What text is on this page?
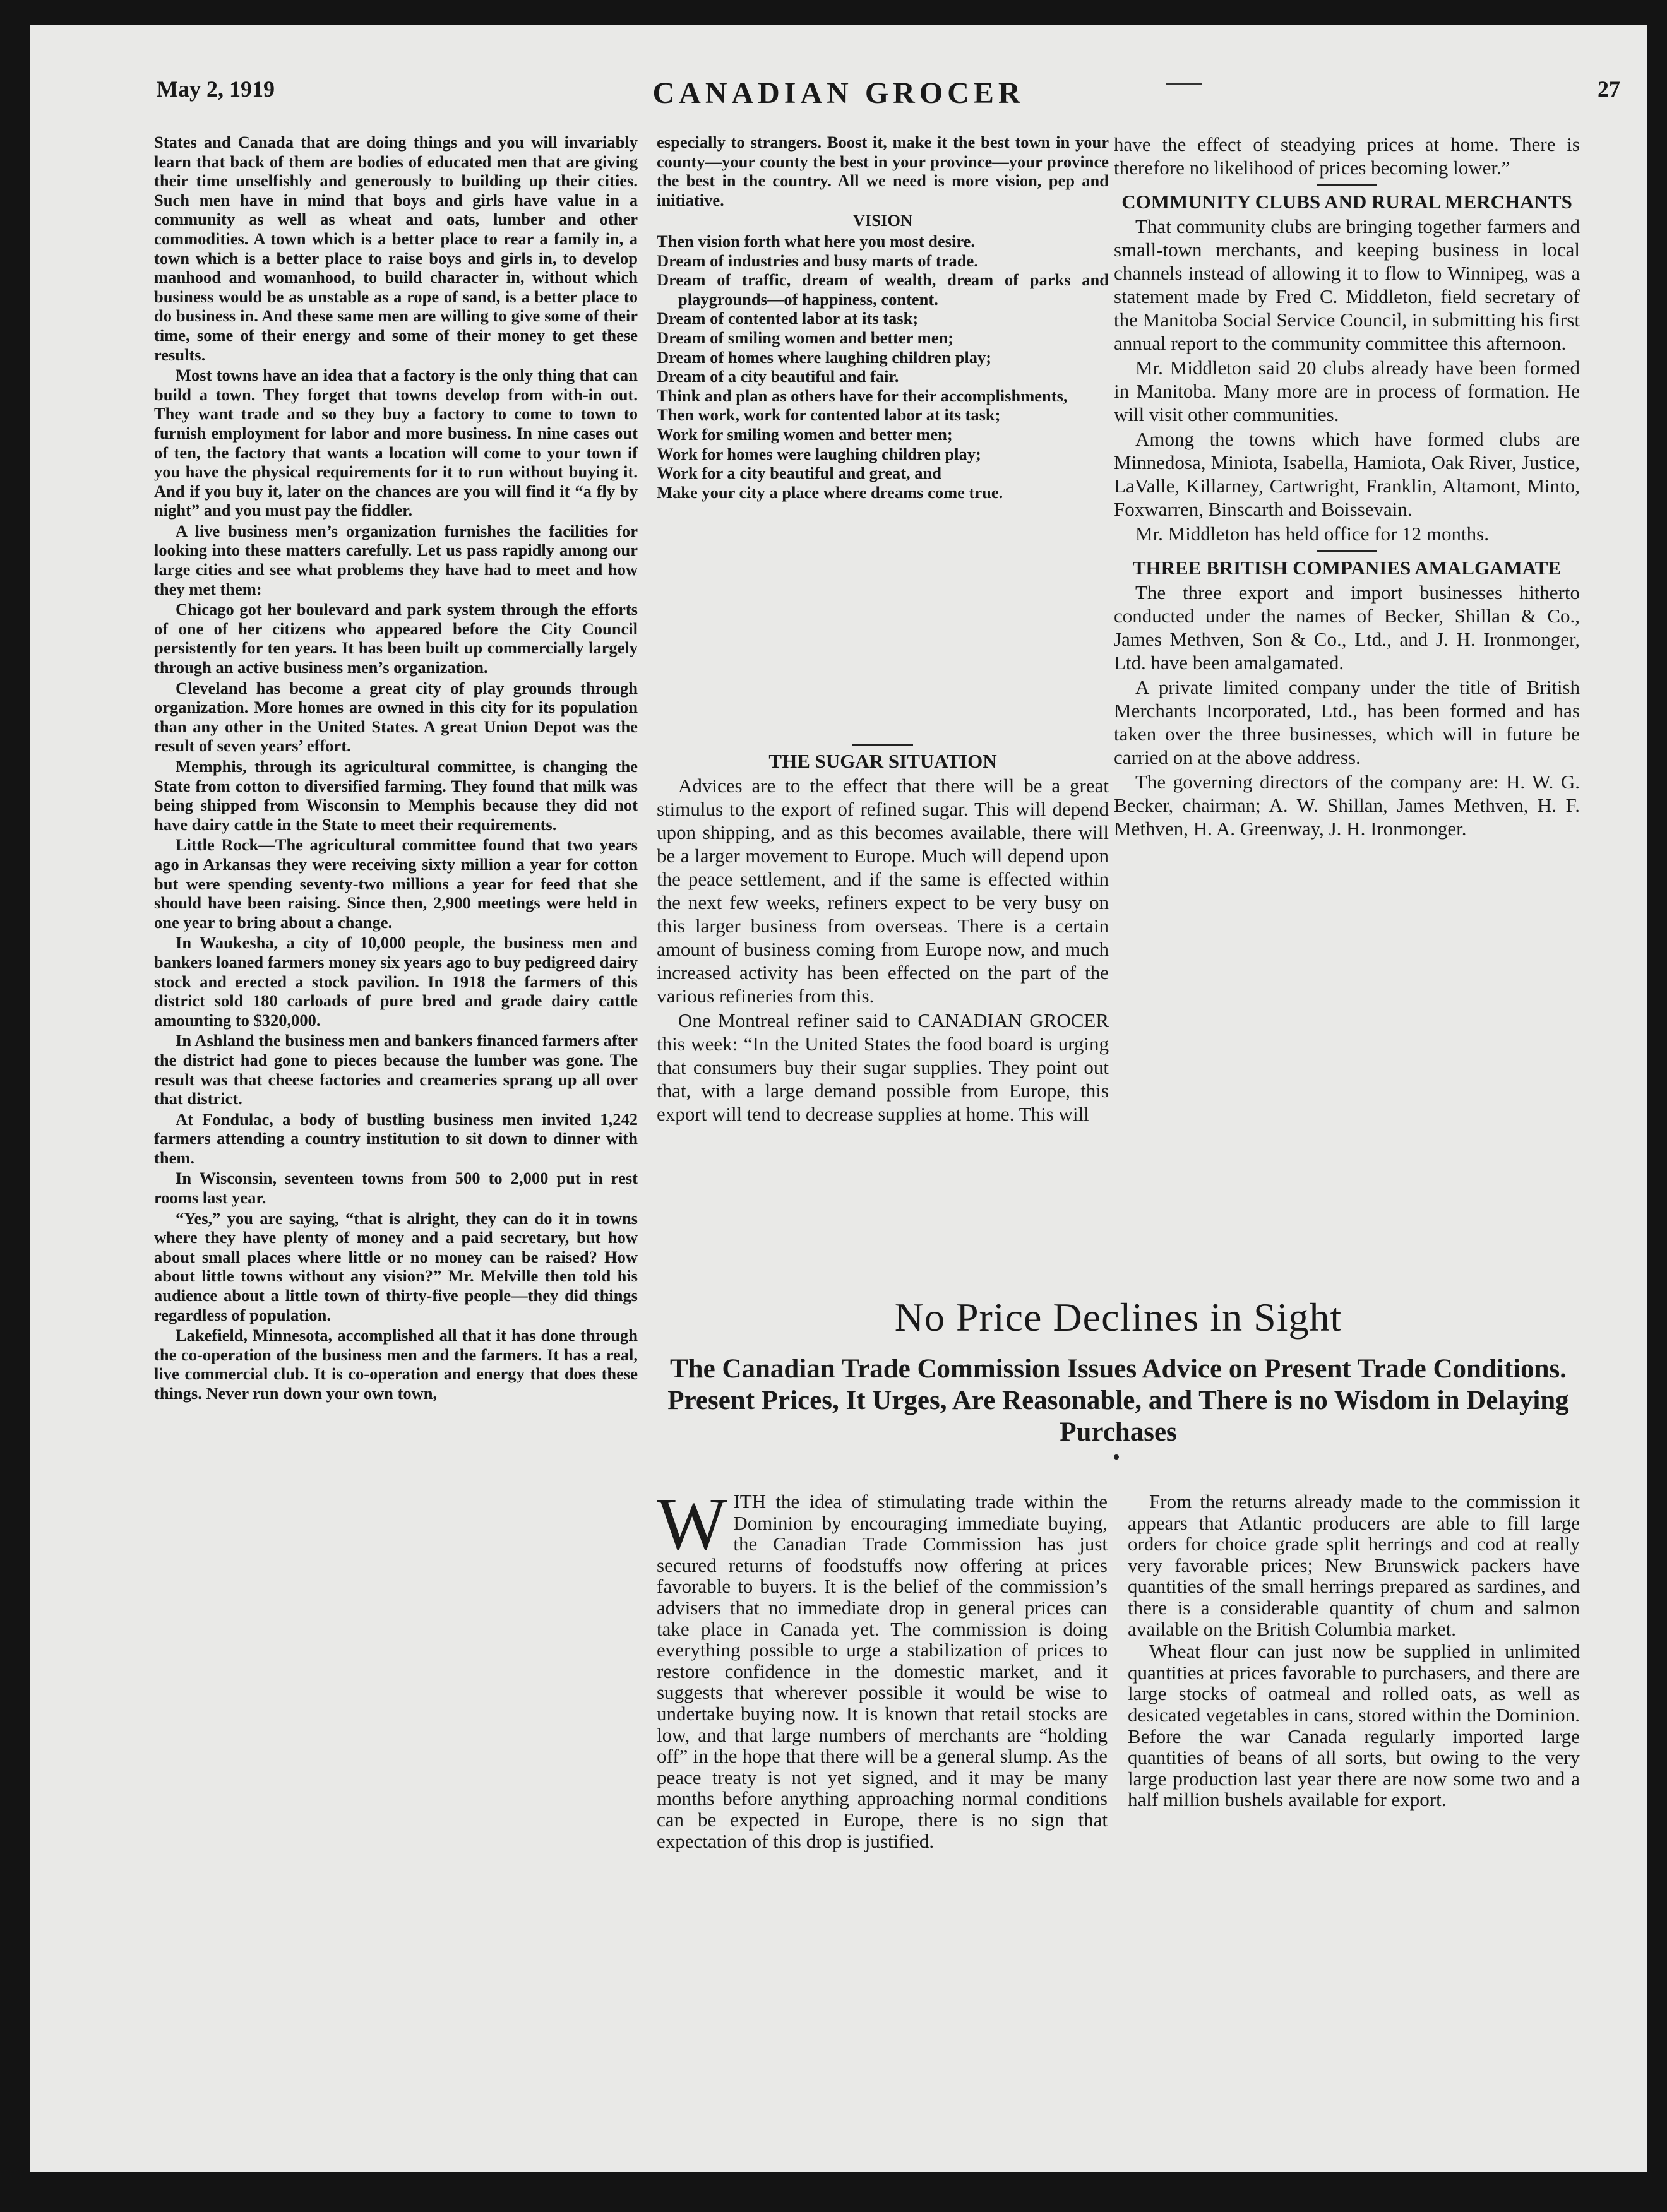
May 2, 1919	CANADIAN GROCER	27

States and Canada that are doing things and you will invariably learn that back of them are bodies of educated men that are giving their time unselfishly and generously to building up their cities. Such men have in mind that boys and girls have value in a community as well as wheat and oats, lumber and other commodities. A town which is a better place to rear a family in, a town which is a better place to raise boys and girls in, to develop manhood and womanhood, to build character in, without which business would be as unstable as a rope of sand, is a better place to do business in. And these same men are willing to give some of their time, some of their energy and some of their money to get these results.

Most towns have an idea that a factory is the only thing that can build a town. They forget that towns develop from with-in out. They want trade and so they buy a factory to come to town to furnish employment for labor and more business. In nine cases out of ten, the factory that wants a location will come to your town if you have the physical requirements for it to run without buying it. And if you buy it, later on the chances are you will find it “a fly by night” and you must pay the fiddler.

A live business men’s organization furnishes the facilities for looking into these matters carefully. Let us pass rapidly among our large cities and see what problems they have had to meet and how they met them:

Chicago got her boulevard and park system through the efforts of one of her citizens who appeared before the City Council persistently for ten years. It has been built up commercially largely through an active business men’s organization.

Cleveland has become a great city of play grounds through organization. More homes are owned in this city for its population than any other in the United States. A great Union Depot was the result of seven years’ effort.

Memphis, through its agricultural committee, is changing the State from cotton to diversified farming. They found that milk was being shipped from Wisconsin to Memphis because they did not have dairy cattle in the State to meet their requirements.

Little Rock—The agricultural committee found that two years ago in Arkansas they were receiving sixty million a year for cotton but were spending seventy-two millions a year for feed that she should have been raising. Since then, 2,900 meetings were held in one year to bring about a change.

In Waukesha, a city of 10,000 people, the business men and bankers loaned farmers money six years ago to buy pedigreed dairy stock and erected a stock pavilion. In 1918 the farmers of this district sold 180 carloads of pure bred and grade dairy cattle amounting to $320,000.

In Ashland the business men and bankers financed farmers after the district had gone to pieces because the lumber was gone. The result was that cheese factories and creameries sprang up all over that district.

At Fondulac, a body of bustling business men invited 1,242 farmers attending a country institution to sit down to dinner with them.

In Wisconsin, seventeen towns from 500 to 2,000 put in rest rooms last year.

“Yes,” you are saying, “that is alright, they can do it in towns where they have plenty of money and a paid secretary, but how about small places where little or no money can be raised? How about little towns without any vision?” Mr. Melville then told his audience about a little town of thirty-five people—they did things regardless of population.

Lakefield, Minnesota, accomplished all that it has done through the co-operation of the business men and the farmers. It has a real, live commercial club. It is co-operation and energy that does these things. Never run down your own town,

especially to strangers. Boost it, make it the best town in your county—your county the best in your province—your province the best in the country. All we need is more vision, pep and initiative.

VISION

Then vision forth what here you most desire.
Dream of industries and busy marts of trade.
Dream of traffic, dream of wealth, dream of parks and playgrounds—of happiness, content.
Dream of contented labor at its task;
Dream of smiling women and better men;
Dream of homes where laughing children play;
Dream of a city beautiful and fair.
Think and plan as others have for their accomplishments,
Then work, work for contented labor at its task;
Work for smiling women and better men;
Work for homes were laughing children play;
Work for a city beautiful and great, and
Make your city a place where dreams come true.

THE SUGAR SITUATION

Advices are to the effect that there will be a great stimulus to the export of refined sugar. This will depend upon shipping, and as this becomes available, there will be a larger movement to Europe. Much will depend upon the peace settlement, and if the same is effected within the next few weeks, refiners expect to be very busy on this larger business from overseas. There is a certain amount of business coming from Europe now, and much increased activity has been effected on the part of the various refineries from this.

One Montreal refiner said to CANADIAN GROCER this week: “In the United States the food board is urging that consumers buy their sugar supplies. They point out that, with a large demand possible from Europe, this export will tend to decrease supplies at home. This will

have the effect of steadying prices at home. There is therefore no likelihood of prices becoming lower.”

COMMUNITY CLUBS AND RURAL MERCHANTS

That community clubs are bringing together farmers and small-town merchants, and keeping business in local channels instead of allowing it to flow to Winnipeg, was a statement made by Fred C. Middleton, field secretary of the Manitoba Social Service Council, in submitting his first annual report to the community committee this afternoon.

Mr. Middleton said 20 clubs already have been formed in Manitoba. Many more are in process of formation. He will visit other communities.

Among the towns which have formed clubs are Minnedosa, Miniota, Isabella, Hamiota, Oak River, Justice, LaValle, Killarney, Cartwright, Franklin, Altamont, Minto, Foxwarren, Binscarth and Boissevain.

Mr. Middleton has held office for 12 months.

THREE BRITISH COMPANIES AMALGAMATE

The three export and import businesses hitherto conducted under the names of Becker, Shillan & Co., James Methven, Son & Co., Ltd., and J. H. Ironmonger, Ltd. have been amalgamated.

A private limited company under the title of British Merchants Incorporated, Ltd., has been formed and has taken over the three businesses, which will in future be carried on at the above address.

The governing directors of the company are: H. W. G. Becker, chairman; A. W. Shillan, James Methven, H. F. Methven, H. A. Greenway, J. H. Ironmonger.

No Price Declines in Sight
The Canadian Trade Commission Issues Advice on Present Trade Conditions. Present Prices, It Urges, Are Reasonable, and There is no Wisdom in Delaying Purchases
W ITH the idea of stimulating trade within the Dominion by encouraging immediate buying, the Canadian Trade Commission has just secured returns of foodstuffs now offering at prices favorable to buyers. It is the belief of the commission’s advisers that no immediate drop in general prices can take place in Canada yet. The commission is doing everything possible to urge a stabilization of prices to restore confidence in the domestic market, and it suggests that wherever possible it would be wise to undertake buying now. It is known that retail stocks are low, and that large numbers of merchants are “holding off” in the hope that there will be a general slump. As the peace treaty is not yet signed, and it may be many months before anything approaching normal conditions can be expected in Europe, there is no sign that expectation of this drop is justified.

From the returns already made to the commission it appears that Atlantic producers are able to fill large orders for choice grade split herrings and cod at really very favorable prices; New Brunswick packers have quantities of the small herrings prepared as sardines, and there is a considerable quantity of chum and salmon available on the British Columbia market.

Wheat flour can just now be supplied in unlimited quantities at prices favorable to purchasers, and there are large stocks of oatmeal and rolled oats, as well as desicated vegetables in cans, stored within the Dominion. Before the war Canada regularly imported large quantities of beans of all sorts, but owing to the very large production last year there are now some two and a half million bushels available for export.
